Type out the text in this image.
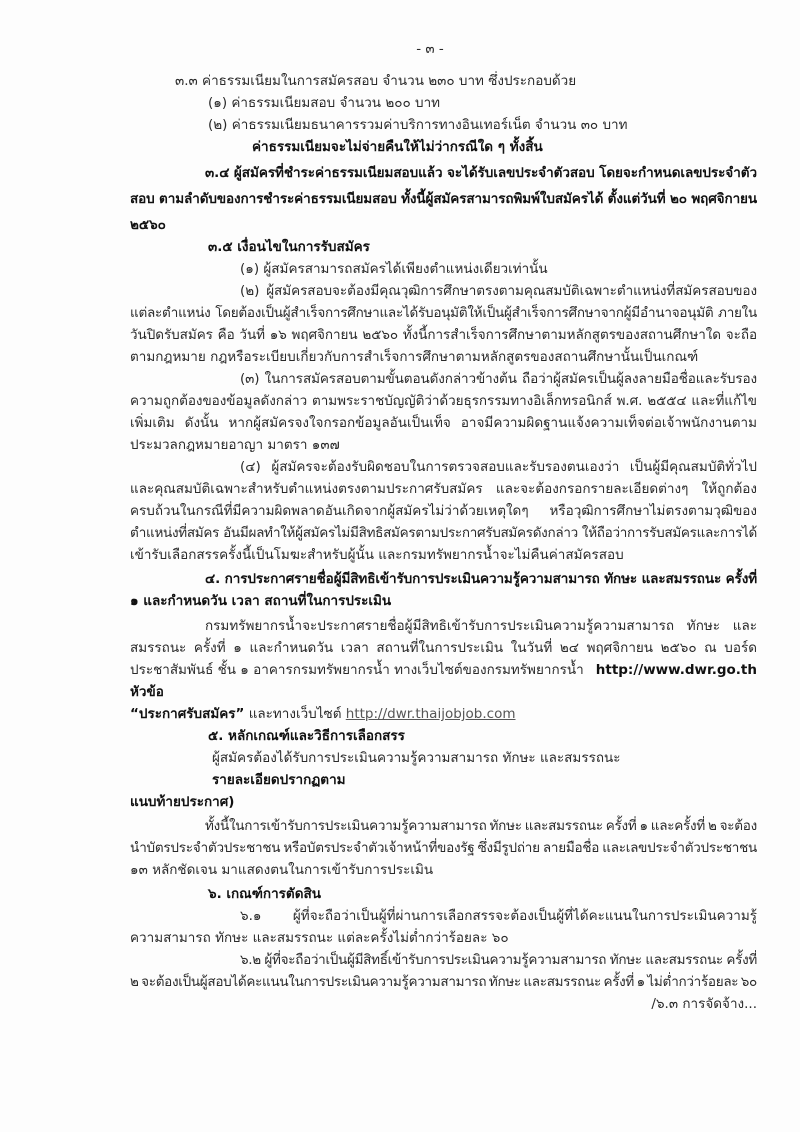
- ๓ -
๓.๓ ค่าธรรมเนียมในการสมัครสอบ จำนวน ๒๓๐ บาท ซึ่งประกอบด้วย
(๑) ค่าธรรมเนียมสอบ จำนวน ๒๐๐ บาท
(๒) ค่าธรรมเนียมธนาคารรวมค่าบริการทางอินเทอร์เน็ต จำนวน ๓๐ บาท
ค่าธรรมเนียมจะไม่จ่ายคืนให้ไม่ว่ากรณีใด ๆ ทั้งสิ้น
๓.๔ ผู้สมัครที่ชำระค่าธรรมเนียมสอบแล้ว จะได้รับเลขประจำตัวสอบ โดยจะกำหนดเลขประจำตัว
สอบ ตามลำดับของการชำระค่าธรรมเนียมสอบ ทั้งนี้ผู้สมัครสามารถพิมพ์ใบสมัครได้ ตั้งแต่วันที่ ๒๐ พฤศจิกายน
๒๕๖๐
๓.๕ เงื่อนไขในการรับสมัคร
(๑) ผู้สมัครสามารถสมัครได้เพียงตำแหน่งเดียวเท่านั้น
(๒) ผู้สมัครสอบจะต้องมีคุณวุฒิการศึกษาตรงตามคุณสมบัติเฉพาะตำแหน่งที่สมัครสอบของ
แต่ละตำแหน่ง โดยต้องเป็นผู้สำเร็จการศึกษาและได้รับอนุมัติให้เป็นผู้สำเร็จการศึกษาจากผู้มีอำนาจอนุมัติ ภายใน
วันปิดรับสมัคร คือ วันที่ ๑๖ พฤศจิกายน ๒๕๖๐ ทั้งนี้การสำเร็จการศึกษาตามหลักสูตรของสถานศึกษาใด จะถือ
ตามกฎหมาย กฎหรือระเบียบเกี่ยวกับการสำเร็จการศึกษาตามหลักสูตรของสถานศึกษานั้นเป็นเกณฑ์
(๓) ในการสมัครสอบตามขั้นตอนดังกล่าวข้างต้น ถือว่าผู้สมัครเป็นผู้ลงลายมือชื่อและรับรอง
ความถูกต้องของข้อมูลดังกล่าว ตามพระราชบัญญัติว่าด้วยธุรกรรมทางอิเล็กทรอนิกส์ พ.ศ. ๒๕๕๔ และที่แก้ไข
เพิ่มเติม ดังนั้น หากผู้สมัครจงใจกรอกข้อมูลอันเป็นเท็จ อาจมีความผิดฐานแจ้งความเท็จต่อเจ้าพนักงานตาม
ประมวลกฎหมายอาญา มาตรา ๑๓๗
(๔) ผู้สมัครจะต้องรับผิดชอบในการตรวจสอบและรับรองตนเองว่า เป็นผู้มีคุณสมบัติทั่วไป
และคุณสมบัติเฉพาะสำหรับตำแหน่งตรงตามประกาศรับสมัคร และจะต้องกรอกรายละเอียดต่างๆ ให้ถูกต้อง
ครบถ้วนในกรณีที่มีความผิดพลาดอันเกิดจากผู้สมัครไม่ว่าด้วยเหตุใดๆ หรือวุฒิการศึกษาไม่ตรงตามวุฒิของ
ตำแหน่งที่สมัคร อันมีผลทำให้ผู้สมัครไม่มีสิทธิสมัครตามประกาศรับสมัครดังกล่าว ให้ถือว่าการรับสมัครและการได้
เข้ารับเลือกสรรครั้งนี้เป็นโมฆะสำหรับผู้นั้น และกรมทรัพยากรน้ำจะไม่คืนค่าสมัครสอบ
๔. การประกาศรายชื่อผู้มีสิทธิเข้ารับการประเมินความรู้ความสามารถ ทักษะ และสมรรถนะ ครั้งที่
๑ และกำหนดวัน เวลา สถานที่ในการประเมิน
กรมทรัพยากรน้ำจะประกาศรายชื่อผู้มีสิทธิเข้ารับการประเมินความรู้ความสามารถ ทักษะ และ
สมรรถนะ ครั้งที่ ๑ และกำหนดวัน เวลา สถานที่ในการประเมิน ในวันที่ ๒๔ พฤศจิกายน ๒๕๖๐ ณ บอร์ด
ประชาสัมพันธ์ ชั้น ๑ อาคารกรมทรัพยากรน้ำ ทางเว็บไซต์ของกรมทรัพยากรน้ำ http://www.dwr.go.th
หัวข้อ
“ประกาศรับสมัคร” และทางเว็บไซต์ http://dwr.thaijobjob.com
๕. หลักเกณฑ์และวิธีการเลือกสรร
ผู้สมัครต้องได้รับการประเมินความรู้ความสามารถ ทักษะ และสมรรถนะ
รายละเอียดปรากฏตาม
แนบท้ายประกาศ)
ทั้งนี้ในการเข้ารับการประเมินความรู้ความสามารถ ทักษะ และสมรรถนะ ครั้งที่ ๑ และครั้งที่ ๒ จะต้อง
นำบัตรประจำตัวประชาชน หรือบัตรประจำตัวเจ้าหน้าที่ของรัฐ ซึ่งมีรูปถ่าย ลายมือชื่อ และเลขประจำตัวประชาชน
๑๓ หลักชัดเจน มาแสดงตนในการเข้ารับการประเมิน
๖. เกณฑ์การตัดสิน
๖.๑ ผู้ที่จะถือว่าเป็นผู้ที่ผ่านการเลือกสรรจะต้องเป็นผู้ที่ได้คะแนนในการประเมินความรู้
ความสามารถ ทักษะ และสมรรถนะ แต่ละครั้งไม่ต่ำกว่าร้อยละ ๖๐
๖.๒ ผู้ที่จะถือว่าเป็นผู้มีสิทธิ์เข้ารับการประเมินความรู้ความสามารถ ทักษะ และสมรรถนะ ครั้งที่
๒ จะต้องเป็นผู้สอบได้คะแนนในการประเมินความรู้ความสามารถ ทักษะ และสมรรถนะ ครั้งที่ ๑ ไม่ต่ำกว่าร้อยละ ๖๐
/๖.๓ การจัดจ้าง...
